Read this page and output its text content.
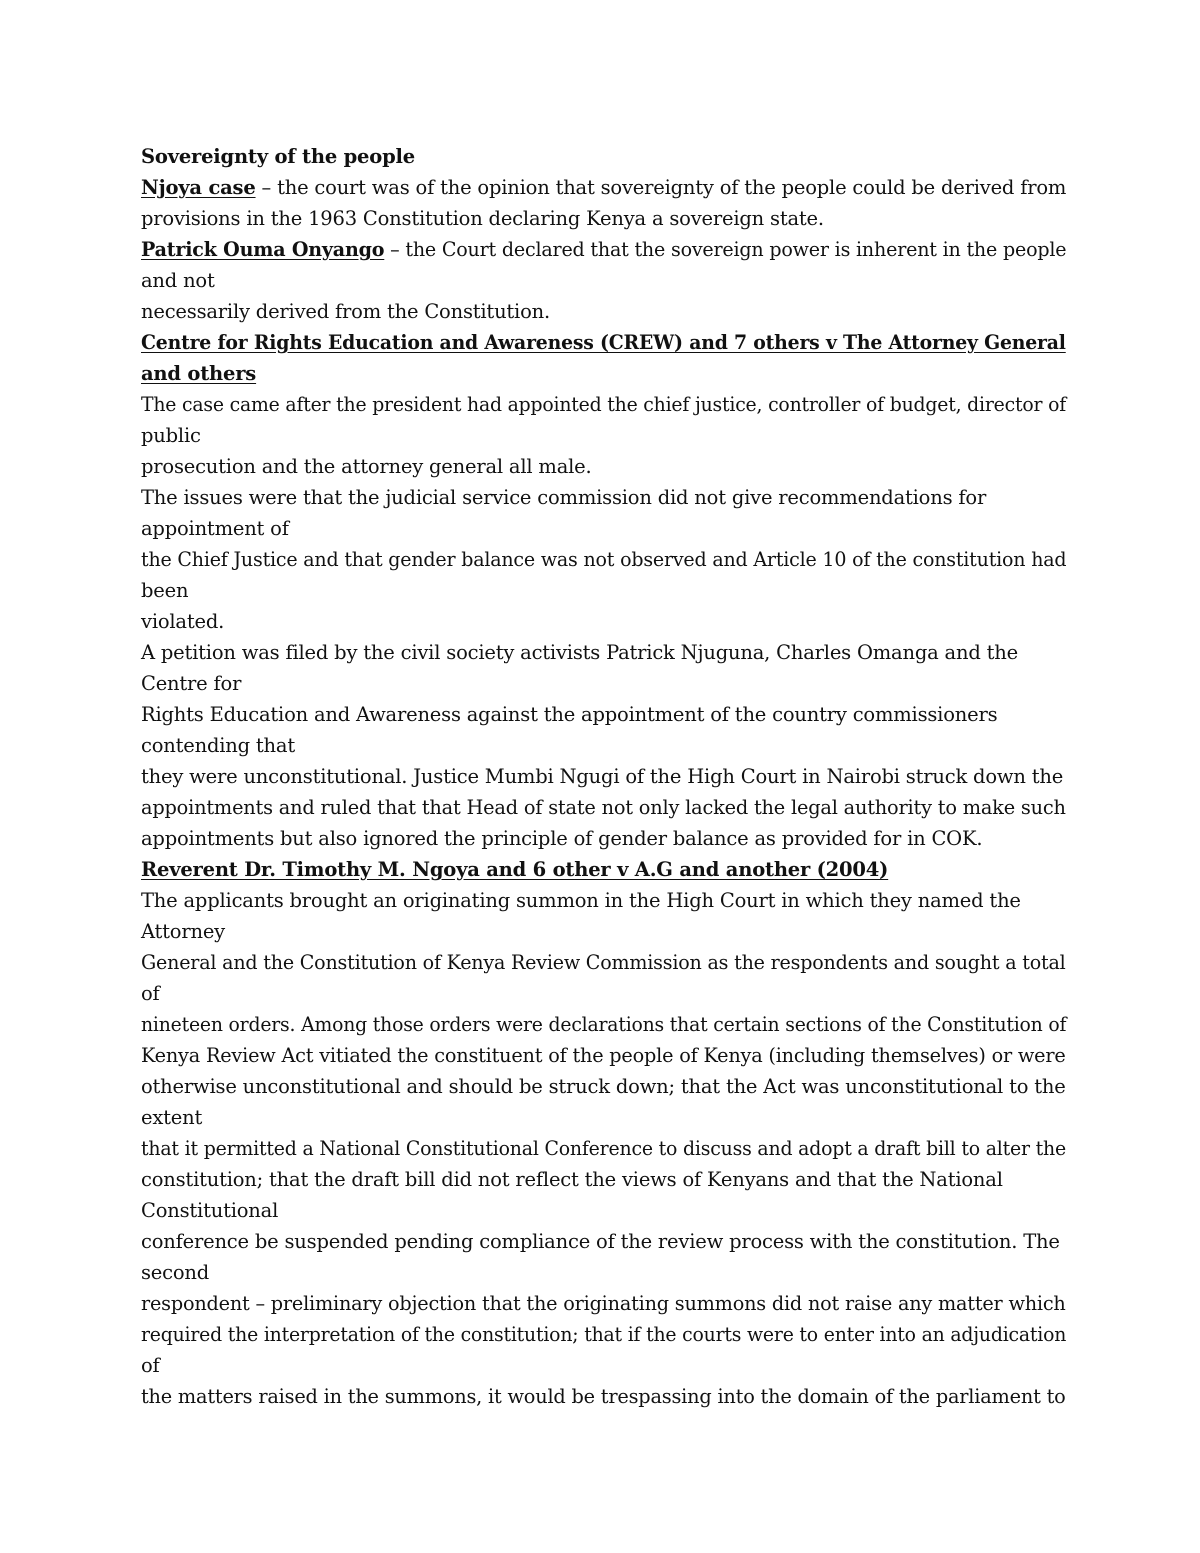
Sovereignty of the people
Njoya case – the court was of the opinion that sovereignty of the people could be derived from
provisions in the 1963 Constitution declaring Kenya a sovereign state.
Patrick Ouma Onyango – the Court declared that the sovereign power is inherent in the people
and not
necessarily derived from the Constitution.
Centre for Rights Education and Awareness (CREW) and 7 others v The Attorney General
and others
The case came after the president had appointed the chief justice, controller of budget, director of
public
prosecution and the attorney general all male.
The issues were that the judicial service commission did not give recommendations for
appointment of
the Chief Justice and that gender balance was not observed and Article 10 of the constitution had
been
violated.
A petition was filed by the civil society activists Patrick Njuguna, Charles Omanga and the
Centre for
Rights Education and Awareness against the appointment of the country commissioners
contending that
they were unconstitutional. Justice Mumbi Ngugi of the High Court in Nairobi struck down the
appointments and ruled that that Head of state not only lacked the legal authority to make such
appointments but also ignored the principle of gender balance as provided for in COK.
Reverent Dr. Timothy M. Ngoya and 6 other v A.G and another (2004)
The applicants brought an originating summon in the High Court in which they named the
Attorney
General and the Constitution of Kenya Review Commission as the respondents and sought a total
of
nineteen orders. Among those orders were declarations that certain sections of the Constitution of
Kenya Review Act vitiated the constituent of the people of Kenya (including themselves) or were
otherwise unconstitutional and should be struck down; that the Act was unconstitutional to the
extent
that it permitted a National Constitutional Conference to discuss and adopt a draft bill to alter the
constitution; that the draft bill did not reflect the views of Kenyans and that the National
Constitutional
conference be suspended pending compliance of the review process with the constitution. The
second
respondent – preliminary objection that the originating summons did not raise any matter which
required the interpretation of the constitution; that if the courts were to enter into an adjudication
of
the matters raised in the summons, it would be trespassing into the domain of the parliament to
